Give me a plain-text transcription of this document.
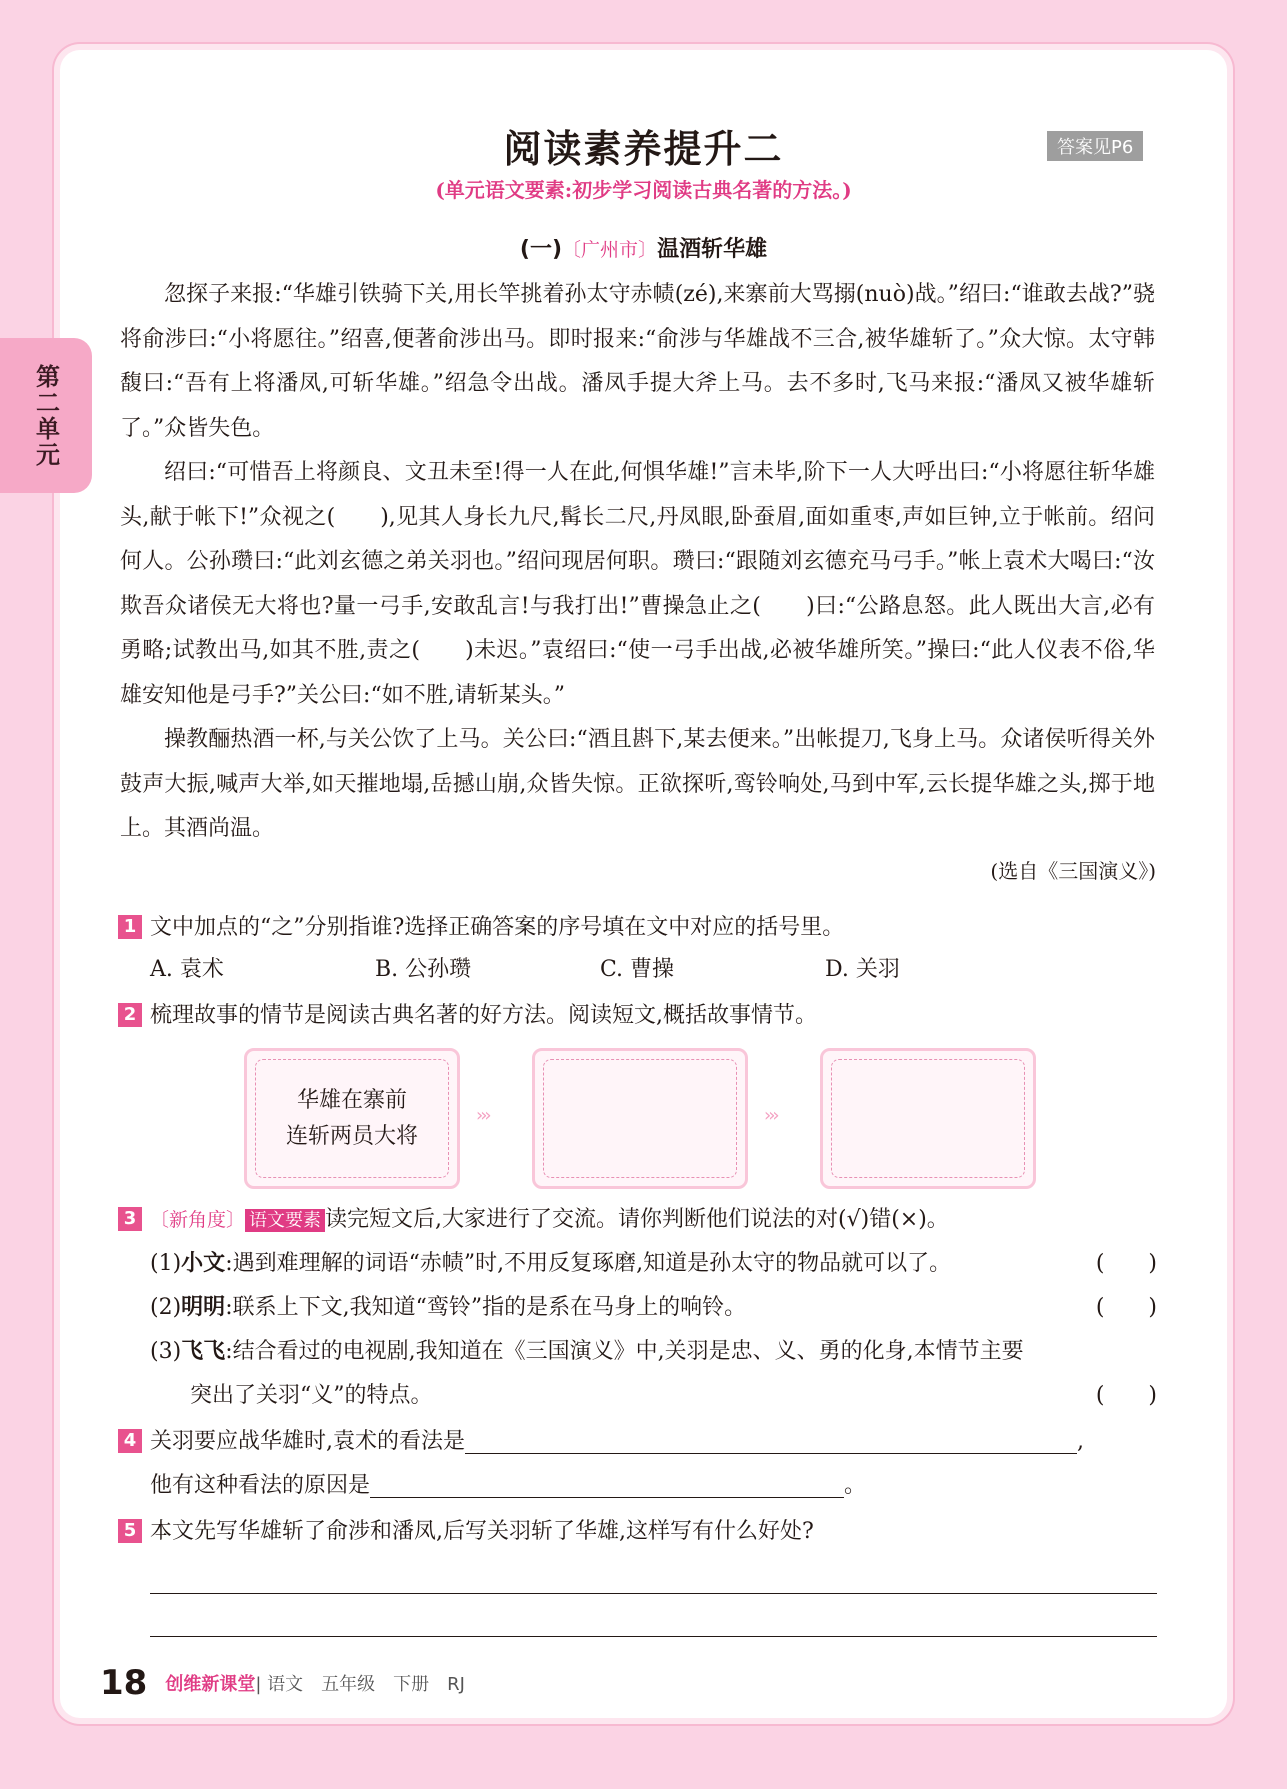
第二单元
阅读素养提升二	答案见P6
(单元语文要素:初步学习阅读古典名著的方法。)
(一)〔广州市〕温酒斩华雄

忽探子来报:“华雄引铁骑下关,用长竿挑着孙太守赤帻(zé),来寨前大骂搦(nuò)战。”绍曰:“谁敢去战?”骁将俞涉曰:“小将愿往。”绍喜,便著俞涉出马。即时报来:“俞涉与华雄战不三合,被华雄斩了。”众大惊。太守韩馥曰:“吾有上将潘凤,可斩华雄。”绍急令出战。潘凤手提大斧上马。去不多时,飞马来报:“潘凤又被华雄斩了。”众皆失色。

绍曰:“可惜吾上将颜良、文丑未至!得一人在此,何惧华雄!”言未毕,阶下一人大呼出曰:“小将愿往斩华雄头,献于帐下!”众视之(　　),见其人身长九尺,髯长二尺,丹凤眼,卧蚕眉,面如重枣,声如巨钟,立于帐前。绍问何人。公孙瓒曰:“此刘玄德之弟关羽也。”绍问现居何职。瓒曰:“跟随刘玄德充马弓手。”帐上袁术大喝曰:“汝欺吾众诸侯无大将也?量一弓手,安敢乱言!与我打出!”曹操急止之(　　)曰:“公路息怒。此人既出大言,必有勇略;试教出马,如其不胜,责之(　　)未迟。”袁绍曰:“使一弓手出战,必被华雄所笑。”操曰:“此人仪表不俗,华雄安知他是弓手?”关公曰:“如不胜,请斩某头。”

操教酾热酒一杯,与关公饮了上马。关公曰:“酒且斟下,某去便来。”出帐提刀,飞身上马。众诸侯听得关外鼓声大振,喊声大举,如天摧地塌,岳撼山崩,众皆失惊。正欲探听,鸾铃响处,马到中军,云长提华雄之头,掷于地上。其酒尚温。

(选自《三国演义》)
1 文中加点的“之”分别指谁?选择正确答案的序号填在文中对应的括号里。
A. 袁术	B. 公孙瓒	C. 曹操	D. 关羽
2 梳理故事的情节是阅读古典名著的好方法。阅读短文,概括故事情节。
华雄在寨前
连斩两员大将
›››	›››
3 〔新角度〕 语文要素 读完短文后,大家进行了交流。请你判断他们说法的对(√)错(×)。
(1)小文:遇到难理解的词语“赤帻”时,不用反复琢磨,知道是孙太守的物品就可以了。	(　　)
(2)明明:联系上下文,我知道“鸾铃”指的是系在马身上的响铃。	(　　)
(3)飞飞:结合看过的电视剧,我知道在《三国演义》中,关羽是忠、义、勇的化身,本情节主要
突出了关羽“义”的特点。	(　　)
4 关羽要应战华雄时,袁术的看法是	,
他有这种看法的原因是	。
5 本文先写华雄斩了俞涉和潘凤,后写关羽斩了华雄,这样写有什么好处?
18 创维新课堂| 语文　五年级　下册　RJ
